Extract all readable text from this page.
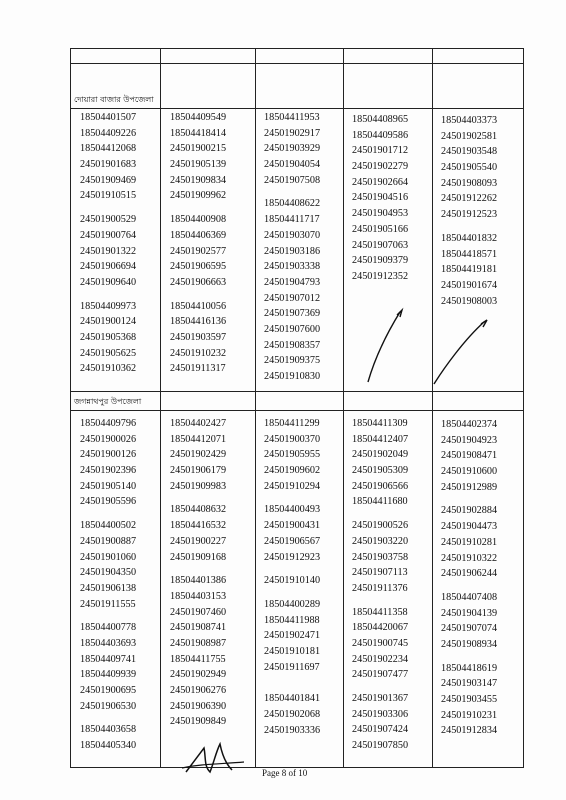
দোয়ারা বাজার উপজেলা
জগন্নাথপুর উপজেলা
18504401507
18504409226
18504412068
24501901683
24501909469
24501910515
24501900529
24501900764
24501901322
24501906694
24501909640
18504409973
24501900124
24501905368
24501905625
24501910362
18504409549
18504418414
24501900215
24501905139
24501909834
24501909962
18504400908
18504406369
24501902577
24501906595
24501906663
18504410056
18504416136
24501903597
24501910232
24501911317
18504411953
24501902917
24501903929
24501904054
24501907508
18504408622
18504411717
24501903070
24501903186
24501903338
24501904793
24501907012
24501907369
24501907600
24501908357
24501909375
24501910830
18504408965
18504409586
24501901712
24501902279
24501902664
24501904516
24501904953
24501905166
24501907063
24501909379
24501912352
18504403373
24501902581
24501903548
24501905540
24501908093
24501912262
24501912523
18504401832
18504418571
18504419181
24501901674
24501908003
18504409796
24501900026
24501900126
24501902396
24501905140
24501905596
18504400502
24501900887
24501901060
24501904350
24501906138
24501911555
18504400778
18504403693
18504409741
18504409939
24501900695
24501906530
18504403658
18504405340
18504402427
18504412071
24501902429
24501906179
24501909983
18504408632
18504416532
24501900227
24501909168
18504401386
18504403153
24501907460
24501908741
24501908987
18504411755
24501902949
24501906276
24501906390
24501909849
18504411299
24501900370
24501905955
24501909602
24501910294
18504400493
24501900431
24501906567
24501912923
24501910140
18504400289
18504411988
24501902471
24501910181
24501911697
18504401841
24501902068
24501903336
18504411309
18504412407
24501902049
24501905309
24501906566
18504411680
24501900526
24501903220
24501903758
24501907113
24501911376
18504411358
18504420067
24501900745
24501902234
24501907477
24501901367
24501903306
24501907424
24501907850
18504402374
24501904923
24501908471
24501910600
24501912989
24501902884
24501904473
24501910281
24501910322
24501906244
18504407408
24501904139
24501907074
24501908934
18504418619
24501903147
24501903455
24501910231
24501912834
Page 8 of 10
